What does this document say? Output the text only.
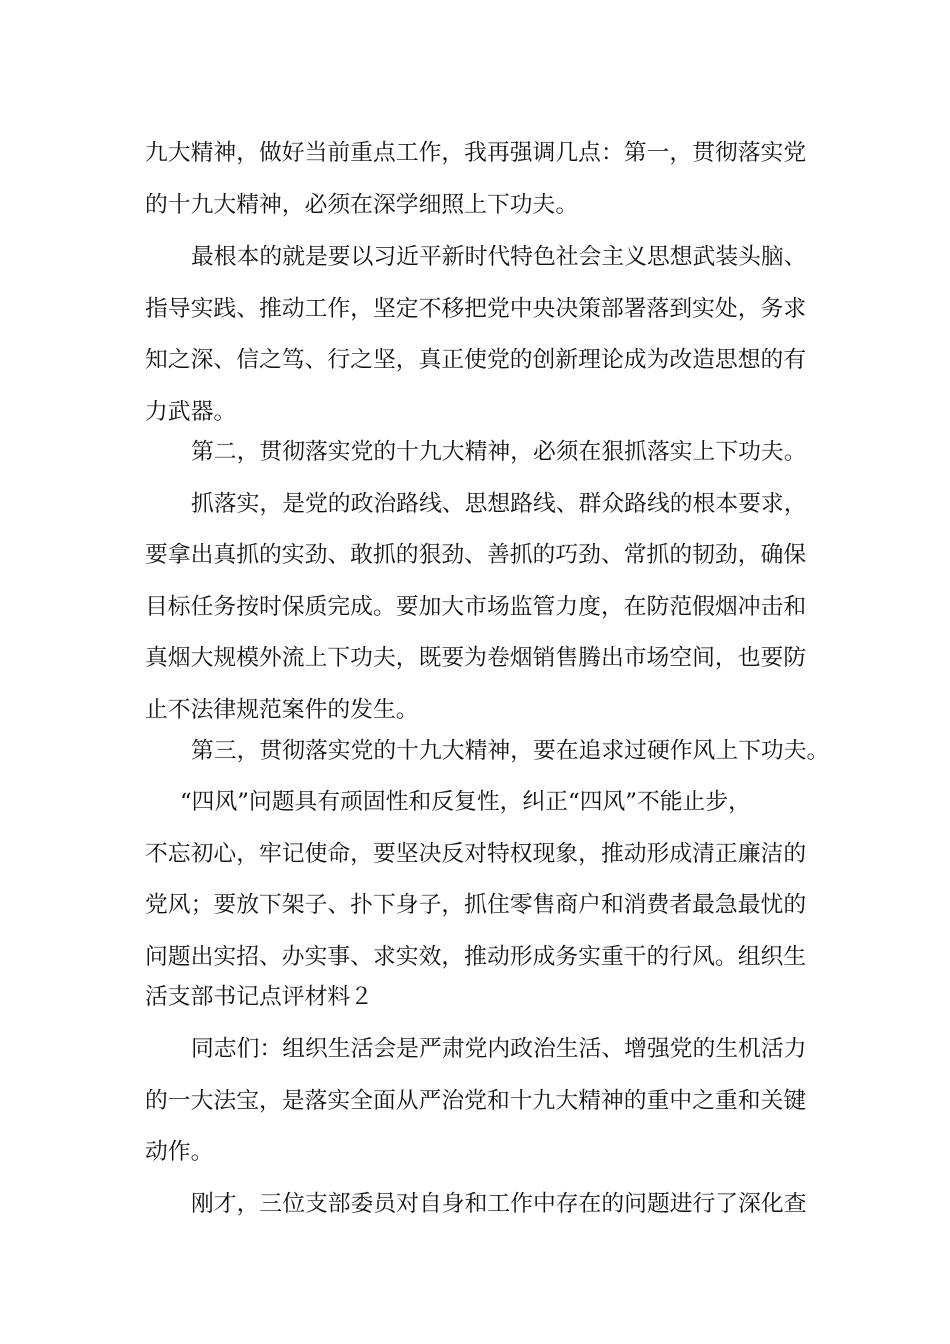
九大精神，做好当前重点工作，我再强调几点：第一，贯彻落实党
的十九大精神，必须在深学细照上下功夫。
最根本的就是要以习近平新时代特色社会主义思想武装头脑、
指导实践、推动工作，坚定不移把党中央决策部署落到实处，务求
知之深、信之笃、行之坚，真正使党的创新理论成为改造思想的有
力武器。
第二，贯彻落实党的十九大精神，必须在狠抓落实上下功夫。
抓落实，是党的政治路线、思想路线、群众路线的根本要求，
要拿出真抓的实劲、敢抓的狠劲、善抓的巧劲、常抓的韧劲，确保
目标任务按时保质完成。要加大市场监管力度，在防范假烟冲击和
真烟大规模外流上下功夫，既要为卷烟销售腾出市场空间，也要防
止不法律规范案件的发生。
第三，贯彻落实党的十九大精神，要在追求过硬作风上下功夫。
“四风”问题具有顽固性和反复性，纠正“四风”不能止步，
不忘初心，牢记使命，要坚决反对特权现象，推动形成清正廉洁的
党风；要放下架子、扑下身子，抓住零售商户和消费者最急最忧的
问题出实招、办实事、求实效，推动形成务实重干的行风。组织生
活支部书记点评材料２
同志们：组织生活会是严肃党内政治生活、增强党的生机活力
的一大法宝，是落实全面从严治党和十九大精神的重中之重和关键
动作。
刚才，三位支部委员对自身和工作中存在的问题进行了深化查
